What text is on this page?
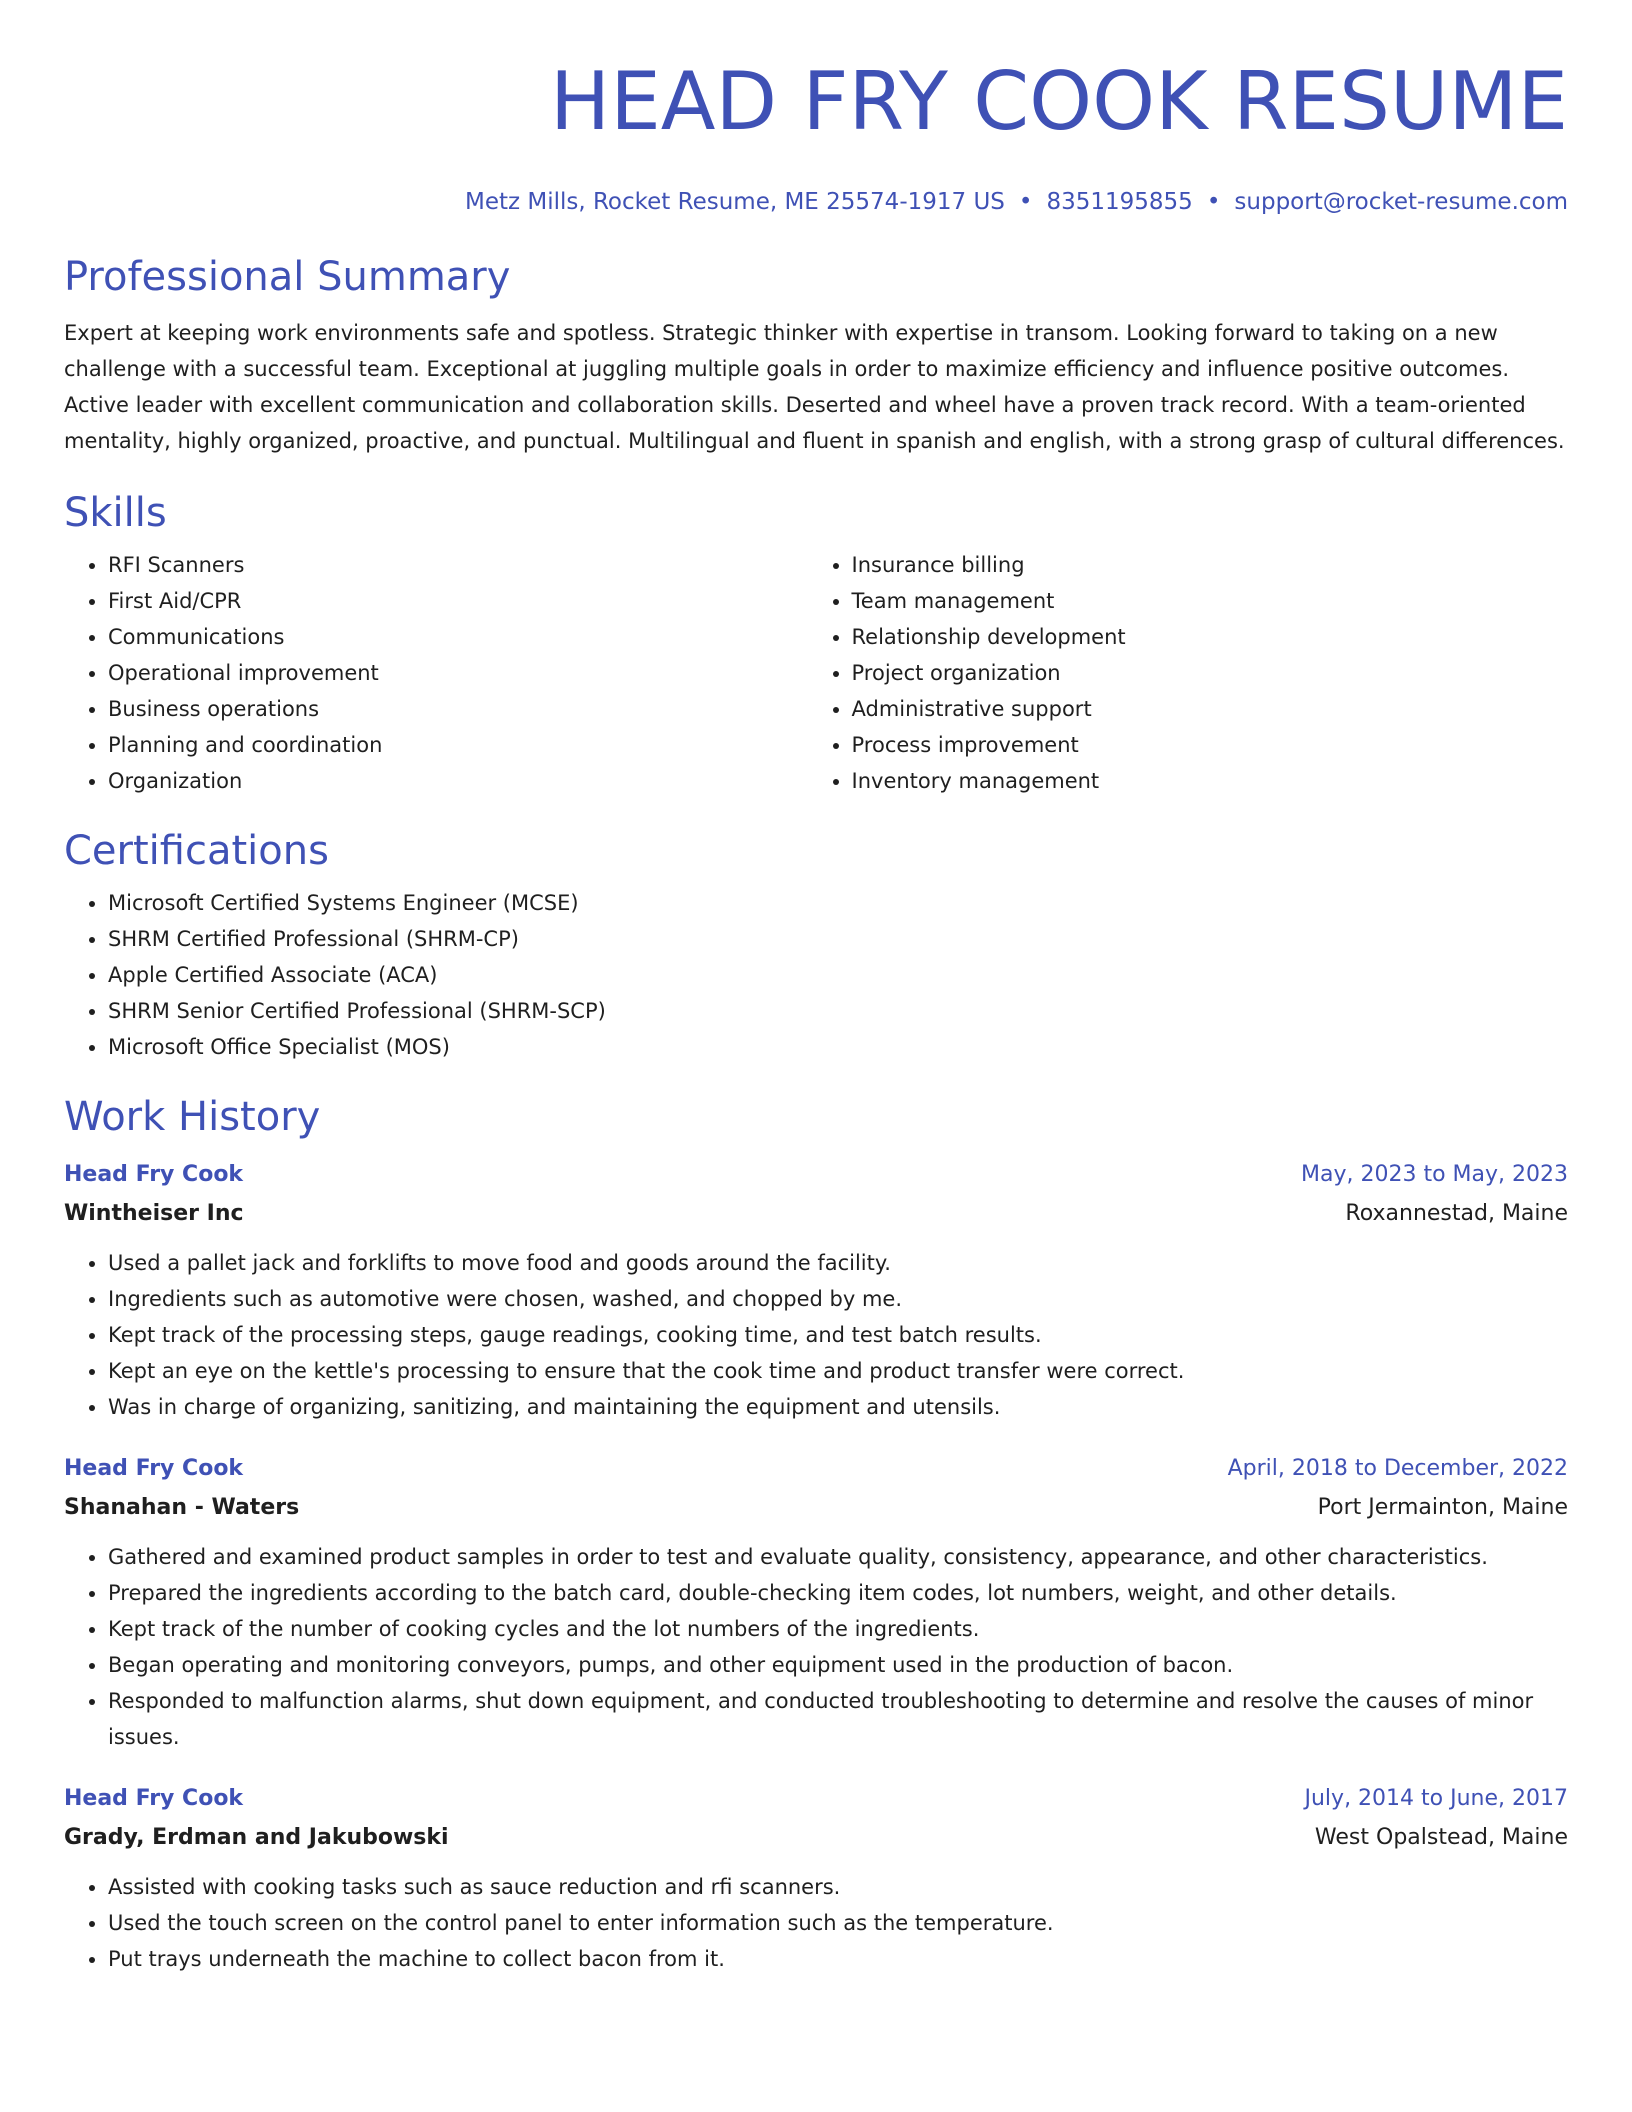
HEAD FRY COOK RESUME
Metz Mills, Rocket Resume, ME 25574-1917 US • 8351195855 • support@rocket-resume.com
Professional Summary

Expert at keeping work environments safe and spotless. Strategic thinker with expertise in transom. Looking forward to taking on a new challenge with a successful team. Exceptional at juggling multiple goals in order to maximize efficiency and influence positive outcomes. Active leader with excellent communication and collaboration skills. Deserted and wheel have a proven track record. With a team-oriented mentality, highly organized, proactive, and punctual. Multilingual and fluent in spanish and english, with a strong grasp of cultural differences.

Skills
• RFI Scanners
• First Aid/CPR
• Communications
• Operational improvement
• Business operations
• Planning and coordination
• Organization
• Insurance billing
• Team management
• Relationship development
• Project organization
• Administrative support
• Process improvement
• Inventory management
Certifications
• Microsoft Certified Systems Engineer (MCSE)
• SHRM Certified Professional (SHRM-CP)
• Apple Certified Associate (ACA)
• SHRM Senior Certified Professional (SHRM-SCP)
• Microsoft Office Specialist (MOS)
Work History
Head Fry Cook	May, 2023 to May, 2023
Wintheiser Inc	Roxannestad, Maine
• Used a pallet jack and forklifts to move food and goods around the facility.
• Ingredients such as automotive were chosen, washed, and chopped by me.
• Kept track of the processing steps, gauge readings, cooking time, and test batch results.
• Kept an eye on the kettle's processing to ensure that the cook time and product transfer were correct.
• Was in charge of organizing, sanitizing, and maintaining the equipment and utensils.
Head Fry Cook	April, 2018 to December, 2022
Shanahan - Waters	Port Jermainton, Maine
• Gathered and examined product samples in order to test and evaluate quality, consistency, appearance, and other characteristics.
• Prepared the ingredients according to the batch card, double-checking item codes, lot numbers, weight, and other details.
• Kept track of the number of cooking cycles and the lot numbers of the ingredients.
• Began operating and monitoring conveyors, pumps, and other equipment used in the production of bacon.
• Responded to malfunction alarms, shut down equipment, and conducted troubleshooting to determine and resolve the causes of minor issues.
Head Fry Cook	July, 2014 to June, 2017
Grady, Erdman and Jakubowski	West Opalstead, Maine
• Assisted with cooking tasks such as sauce reduction and rfi scanners.
• Used the touch screen on the control panel to enter information such as the temperature.
• Put trays underneath the machine to collect bacon from it.
